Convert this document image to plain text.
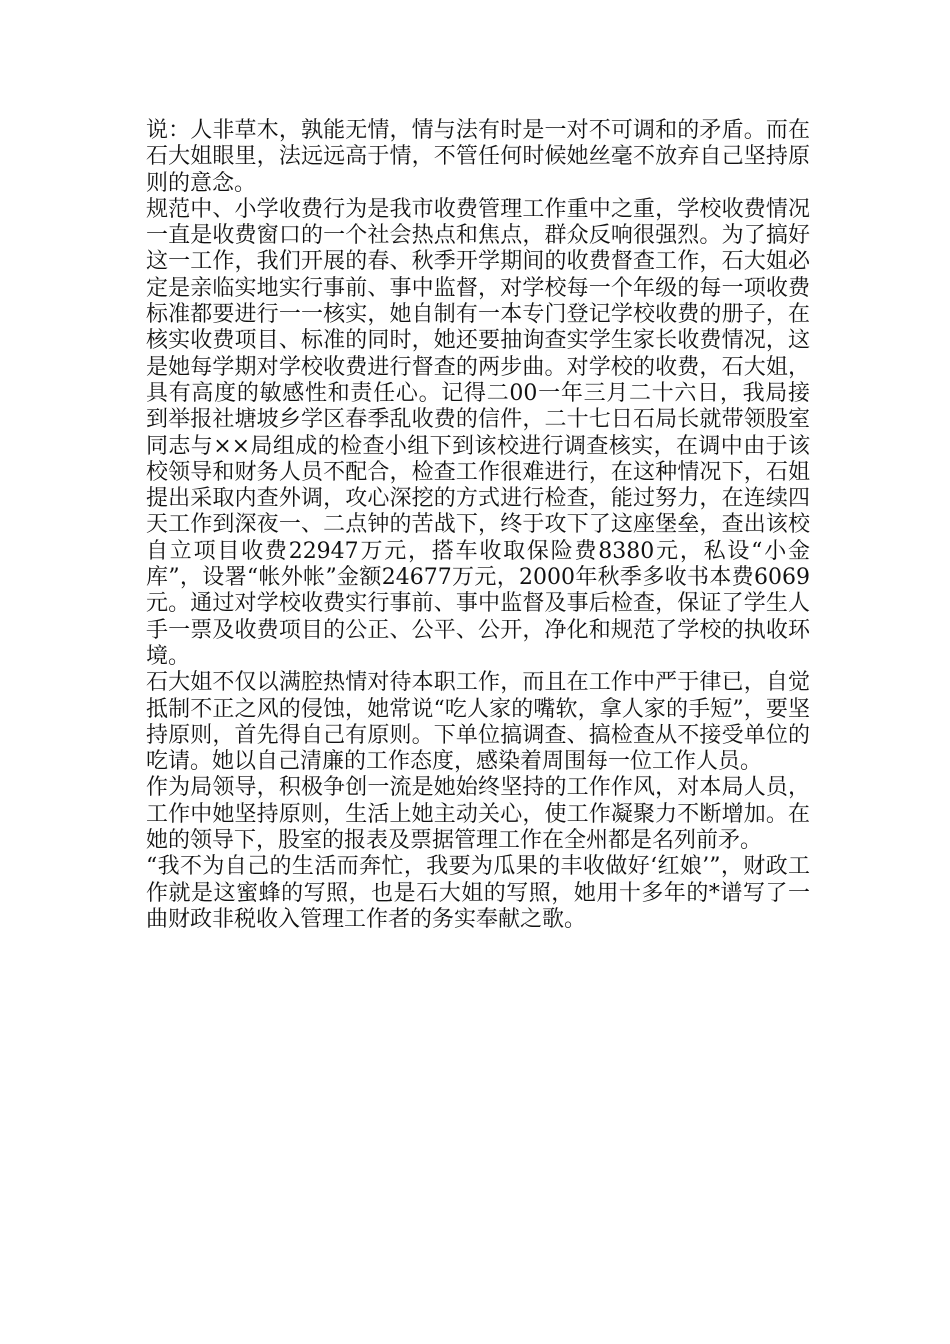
说：人非草木，孰能无情，情与法有时是一对不可调和的矛盾。而在石大姐眼里，法远远高于情，不管任何时候她丝毫不放弃自己坚持原则的意念。

规范中、小学收费行为是我市收费管理工作重中之重，学校收费情况一直是收费窗口的一个社会热点和焦点，群众反响很强烈。为了搞好这一工作，我们开展的春、秋季开学期间的收费督查工作，石大姐必定是亲临实地实行事前、事中监督，对学校每一个年级的每一项收费标准都要进行一一核实，她自制有一本专门登记学校收费的册子，在核实收费项目、标准的同时，她还要抽询查实学生家长收费情况，这是她每学期对学校收费进行督查的两步曲。对学校的收费，石大姐，具有高度的敏感性和责任心。记得二00一年三月二十六日，我局接到举报社塘坡乡学区春季乱收费的信件，二十七日石局长就带领股室同志与××局组成的检查小组下到该校进行调查核实，在调中由于该校领导和财务人员不配合，检查工作很难进行，在这种情况下，石姐提出采取内查外调，攻心深挖的方式进行检查，能过努力，在连续四　天工作到深夜一、二点钟的苦战下，终于攻下了这座堡垒，查出该校自立项目收费22947万元，搭车收取保险费8380元，私设“小金库”，设署“帐外帐”金额24677万元，2000年秋季多收书本费6069元。通过对学校收费实行事前、事中监督及事后检查，保证了学生人手一票及收费项目的公正、公平、公开，净化和规范了学校的执收环境。

石大姐不仅以满腔热情对待本职工作，而且在工作中严于律已，自觉抵制不正之风的侵蚀，她常说“吃人家的嘴软，拿人家的手短”，要坚持原则，首先得自己有原则。下单位搞调查、搞检查从不接受单位的吃请。她以自己清廉的工作态度，感染着周围每一位工作人员。

作为局领导，积极争创一流是她始终坚持的工作作风，对本局人员，工作中她坚持原则，生活上她主动关心，使工作凝聚力不断增加。在她的领导下，股室的报表及票据管理工作在全州都是名列前矛。

“我不为自己的生活而奔忙，我要为瓜果的丰收做好‘红娘’”，财政工作就是这蜜蜂的写照，也是石大姐的写照，她用十多年的*谱写了一曲财政非税收入管理工作者的务实奉献之歌。
